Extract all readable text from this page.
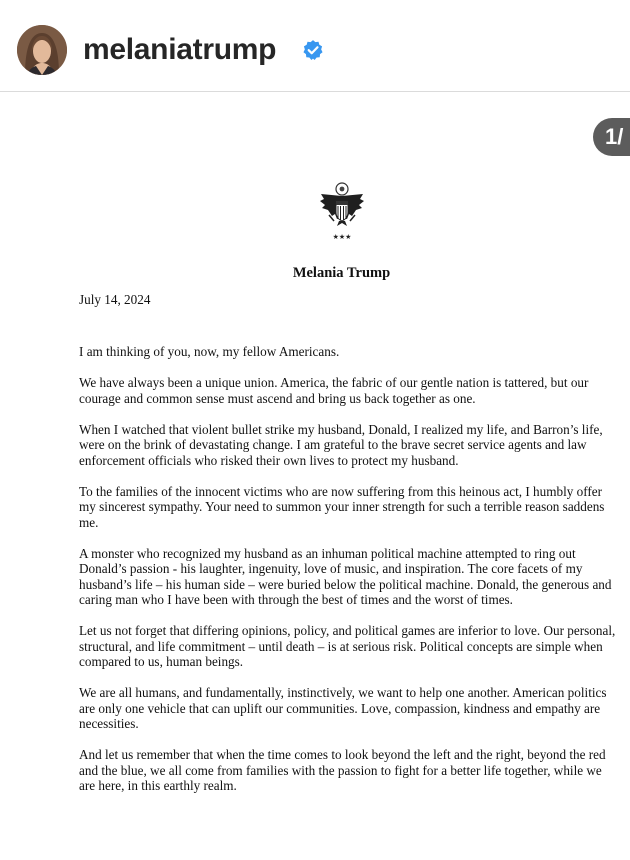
melaniatrump
1/
★★★
Melania Trump
July 14, 2024

I am thinking of you, now, my fellow Americans.

We have always been a unique union. America, the fabric of our gentle nation is tattered, but our courage and common sense must ascend and bring us back together as one.

When I watched that violent bullet strike my husband, Donald, I realized my life, and Barron’s life, were on the brink of devastating change. I am grateful to the brave secret service agents and law enforcement officials who risked their own lives to protect my husband.

To the families of the innocent victims who are now suffering from this heinous act, I humbly offer my sincerest sympathy. Your need to summon your inner strength for such a terrible reason saddens me.

A monster who recognized my husband as an inhuman political machine attempted to ring out Donald’s passion - his laughter, ingenuity, love of music, and inspiration. The core facets of my husband’s life – his human side – were buried below the political machine. Donald, the generous and caring man who I have been with through the best of times and the worst of times.

Let us not forget that differing opinions, policy, and political games are inferior to love. Our personal, structural, and life commitment – until death – is at serious risk. Political concepts are simple when compared to us, human beings.

We are all humans, and fundamentally, instinctively, we want to help one another. American politics are only one vehicle that can uplift our communities. Love, compassion, kindness and empathy are necessities.

And let us remember that when the time comes to look beyond the left and the right, beyond the red and the blue, we all come from families with the passion to fight for a better life together, while we are here, in this earthly realm.
